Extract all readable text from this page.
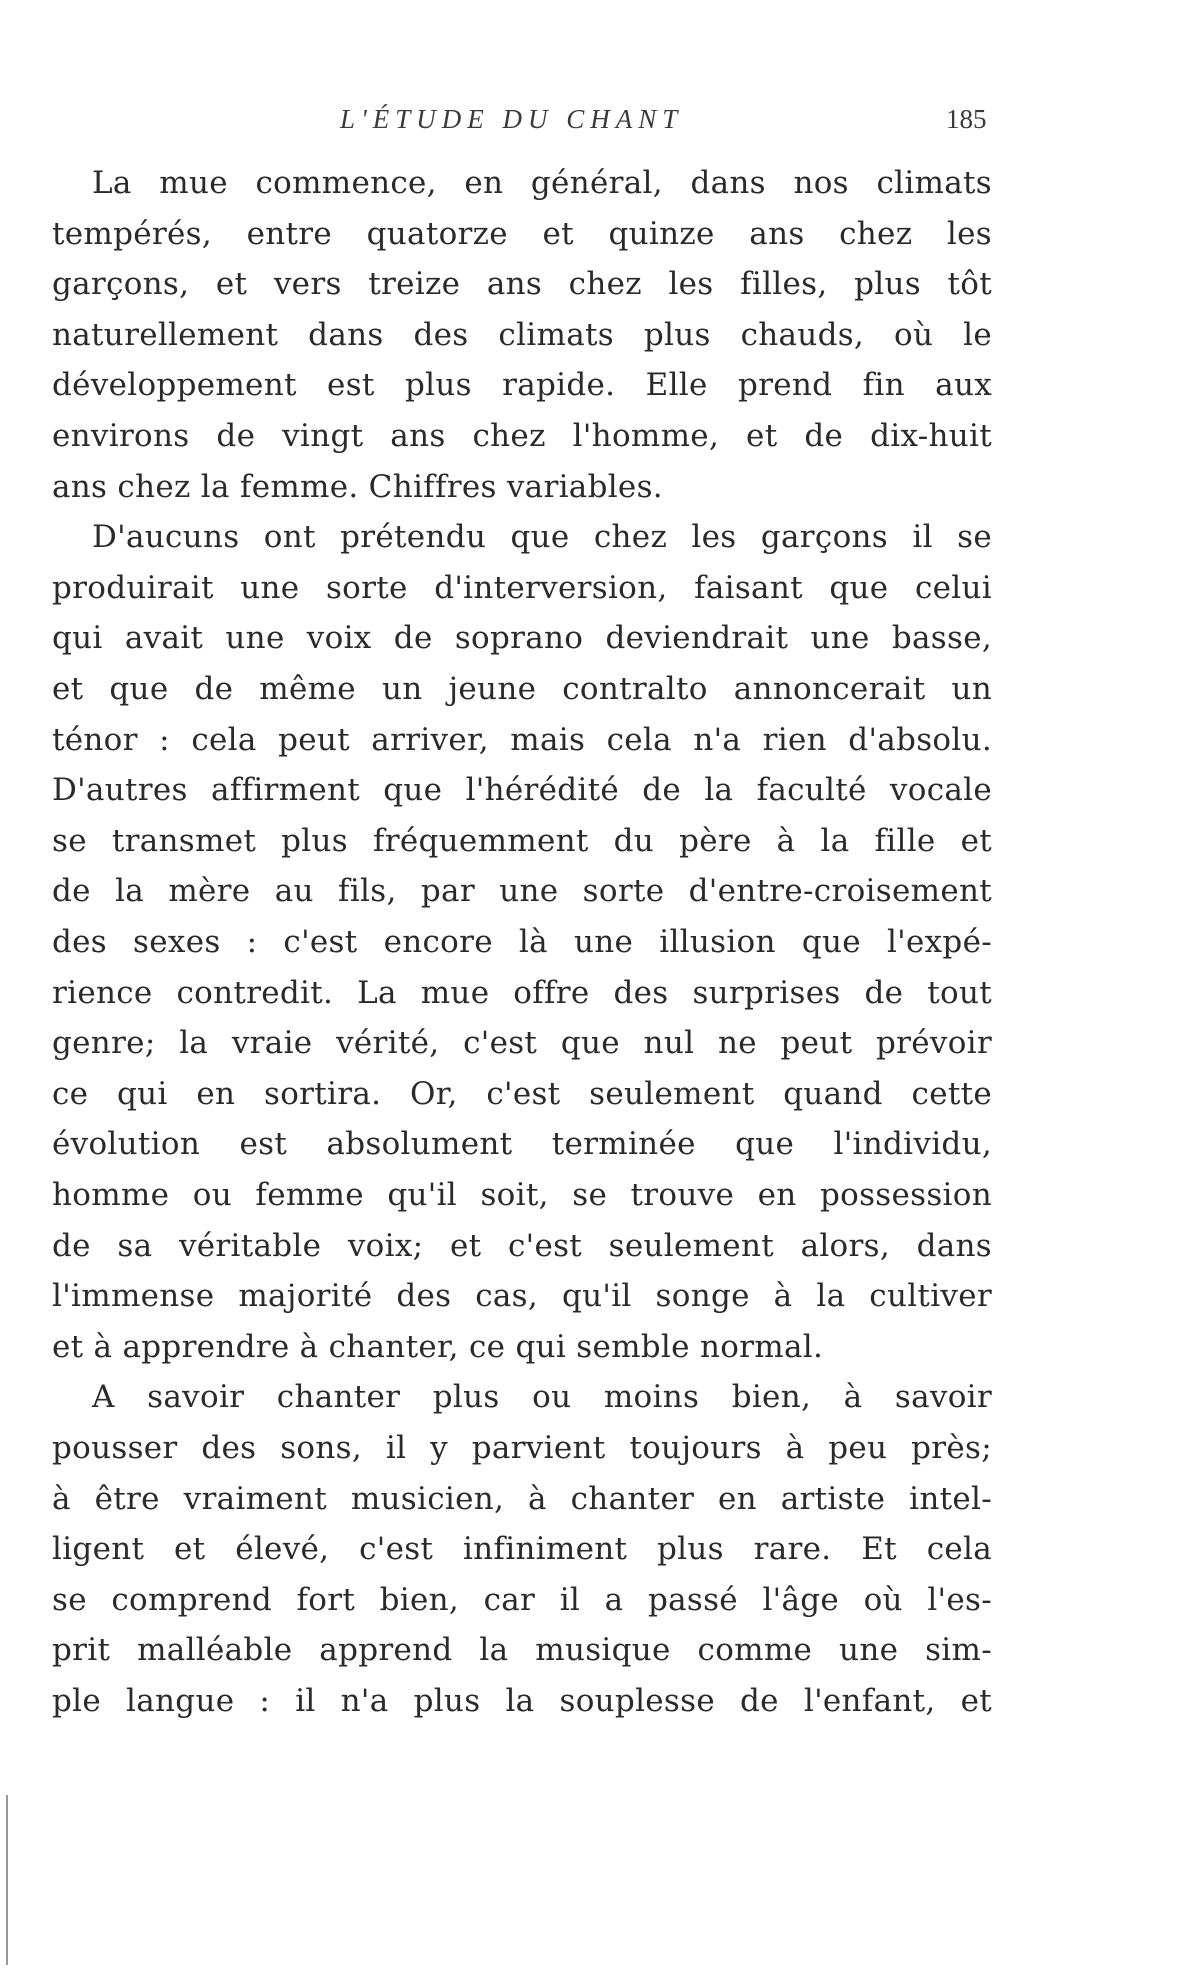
L'ÉTUDE DU CHANT	185
La mue commence, en général, dans nos climats
tempérés, entre quatorze et quinze ans chez les
garçons, et vers treize ans chez les filles, plus tôt
naturellement dans des climats plus chauds, où le
développement est plus rapide. Elle prend fin aux
environs de vingt ans chez l'homme, et de dix-huit
ans chez la femme. Chiffres variables.
D'aucuns ont prétendu que chez les garçons il se
produirait une sorte d'interversion, faisant que celui
qui avait une voix de soprano deviendrait une basse,
et que de même un jeune contralto annoncerait un
ténor : cela peut arriver, mais cela n'a rien d'absolu.
D'autres affirment que l'hérédité de la faculté vocale
se transmet plus fréquemment du père à la fille et
de la mère au fils, par une sorte d'entre-croisement
des sexes : c'est encore là une illusion que l'expé-
rience contredit. La mue offre des surprises de tout
genre; la vraie vérité, c'est que nul ne peut prévoir
ce qui en sortira. Or, c'est seulement quand cette
évolution est absolument terminée que l'individu,
homme ou femme qu'il soit, se trouve en possession
de sa véritable voix; et c'est seulement alors, dans
l'immense majorité des cas, qu'il songe à la cultiver
et à apprendre à chanter, ce qui semble normal.
A savoir chanter plus ou moins bien, à savoir
pousser des sons, il y parvient toujours à peu près;
à être vraiment musicien, à chanter en artiste intel-
ligent et élevé, c'est infiniment plus rare. Et cela
se comprend fort bien, car il a passé l'âge où l'es-
prit malléable apprend la musique comme une sim-
ple langue : il n'a plus la souplesse de l'enfant, et
